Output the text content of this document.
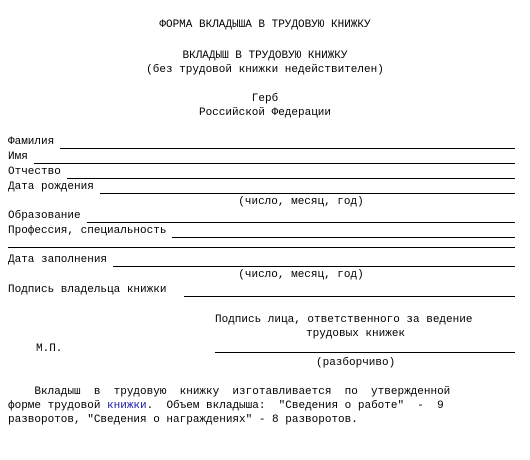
ФОРМА ВКЛАДЫША В ТРУДОВУЮ КНИЖКУ
ВКЛАДЫШ В ТРУДОВУЮ КНИЖКУ
(без трудовой книжки недействителен)
Герб
Российской Федерации
Фамилия
Имя
Отчество
Дата рождения
(число, месяц, год)
Образование
Профессия, специальность
Дата заполнения
(число, месяц, год)
Подпись владельца книжки
Подпись лица, ответственного за ведение
трудовых книжек
М.П.
(разборчиво)
Вкладыш  в  трудовую  книжку  изготавливается  по  утвержденной
форме трудовой книжки.  Объем вкладыша:  "Сведения о работе"  -  9
разворотов, "Сведения о награждениях" - 8 разворотов.
